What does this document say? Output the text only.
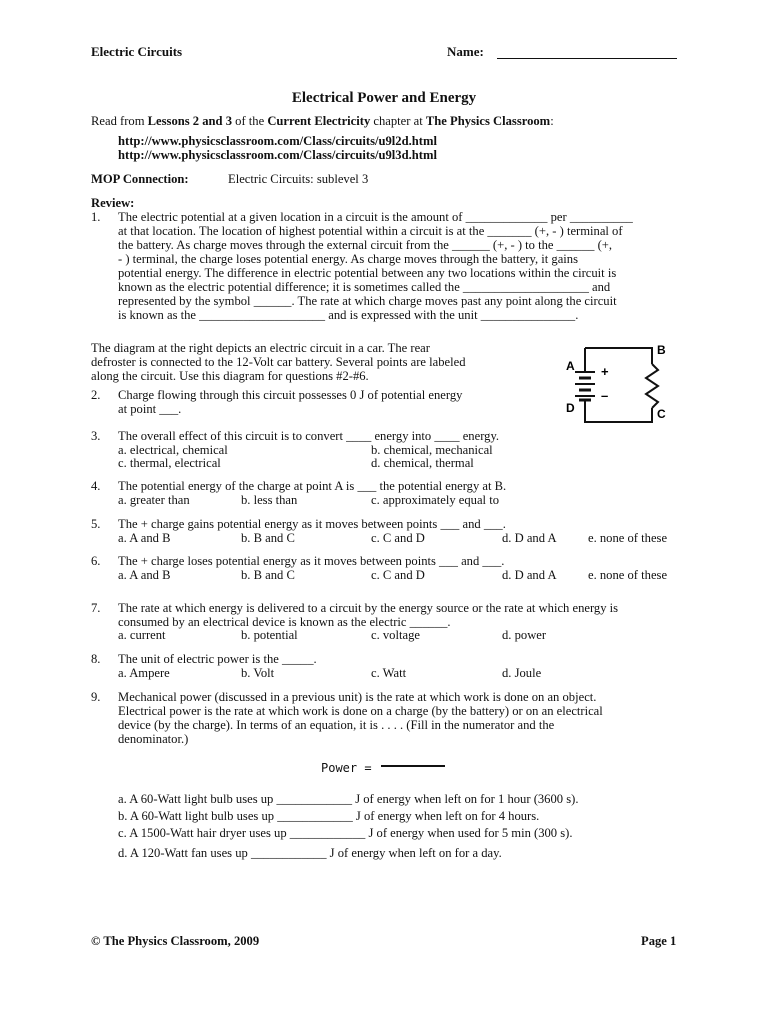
Electric Circuits	Name:
Electrical Power and Energy
Read from Lessons 2 and 3 of the Current Electricity chapter at The Physics Classroom:
http://www.physicsclassroom.com/Class/circuits/u9l2d.html
http://www.physicsclassroom.com/Class/circuits/u9l3d.html
MOP Connection:	Electric Circuits: sublevel 3
Review:
1. The electric potential at a given location in a circuit is the amount of _____________ per __________
at that location. The location of highest potential within a circuit is at the _______ (+, - ) terminal of
the battery. As charge moves through the external circuit from the ______ (+, - ) to the ______ (+,
- ) terminal, the charge loses potential energy. As charge moves through the battery, it gains
potential energy. The difference in electric potential between any two locations within the circuit is
known as the electric potential difference; it is sometimes called the ____________________ and
represented by the symbol ______. The rate at which charge moves past any point along the circuit
is known as the ____________________ and is expressed with the unit _______________.
The diagram at the right depicts an electric circuit in a car. The rear
defroster is connected to the 12-Volt car battery. Several points are labeled
along the circuit. Use this diagram for questions #2-#6.
A
B
C
D
+
–
2. Charge flowing through this circuit possesses 0 J of potential energy
at point ___.
3. The overall effect of this circuit is to convert ____ energy into ____ energy.
a. electrical, chemical	b. chemical, mechanical
c. thermal, electrical	d. chemical, thermal
4. The potential energy of the charge at point A is ___ the potential energy at B.
a. greater than	b. less than	c. approximately equal to
5. The + charge gains potential energy as it moves between points ___ and ___.
a. A and B	b. B and C	c. C and D	d. D and A e. none of these
6. The + charge loses potential energy as it moves between points ___ and ___.
a. A and B	b. B and C	c. C and D	d. D and A e. none of these
7. The rate at which energy is delivered to a circuit by the energy source or the rate at which energy is
consumed by an electrical device is known as the electric ______.
a. current	b. potential	c. voltage	d. power
8. The unit of electric power is the _____.
a. Ampere	b. Volt	c. Watt	d. Joule
9. Mechanical power (discussed in a previous unit) is the rate at which work is done on an object.
Electrical power is the rate at which work is done on a charge (by the battery) or on an electrical
device (by the charge). In terms of an equation, it is . . . . (Fill in the numerator and the
denominator.)
Power =
a. A 60-Watt light bulb uses up ____________ J of energy when left on for 1 hour (3600 s).
b. A 60-Watt light bulb uses up ____________ J of energy when left on for 4 hours.
c. A 1500-Watt hair dryer uses up ____________ J of energy when used for 5 min (300 s).
d. A 120-Watt fan uses up ____________ J of energy when left on for a day.
© The Physics Classroom, 2009	Page 1
